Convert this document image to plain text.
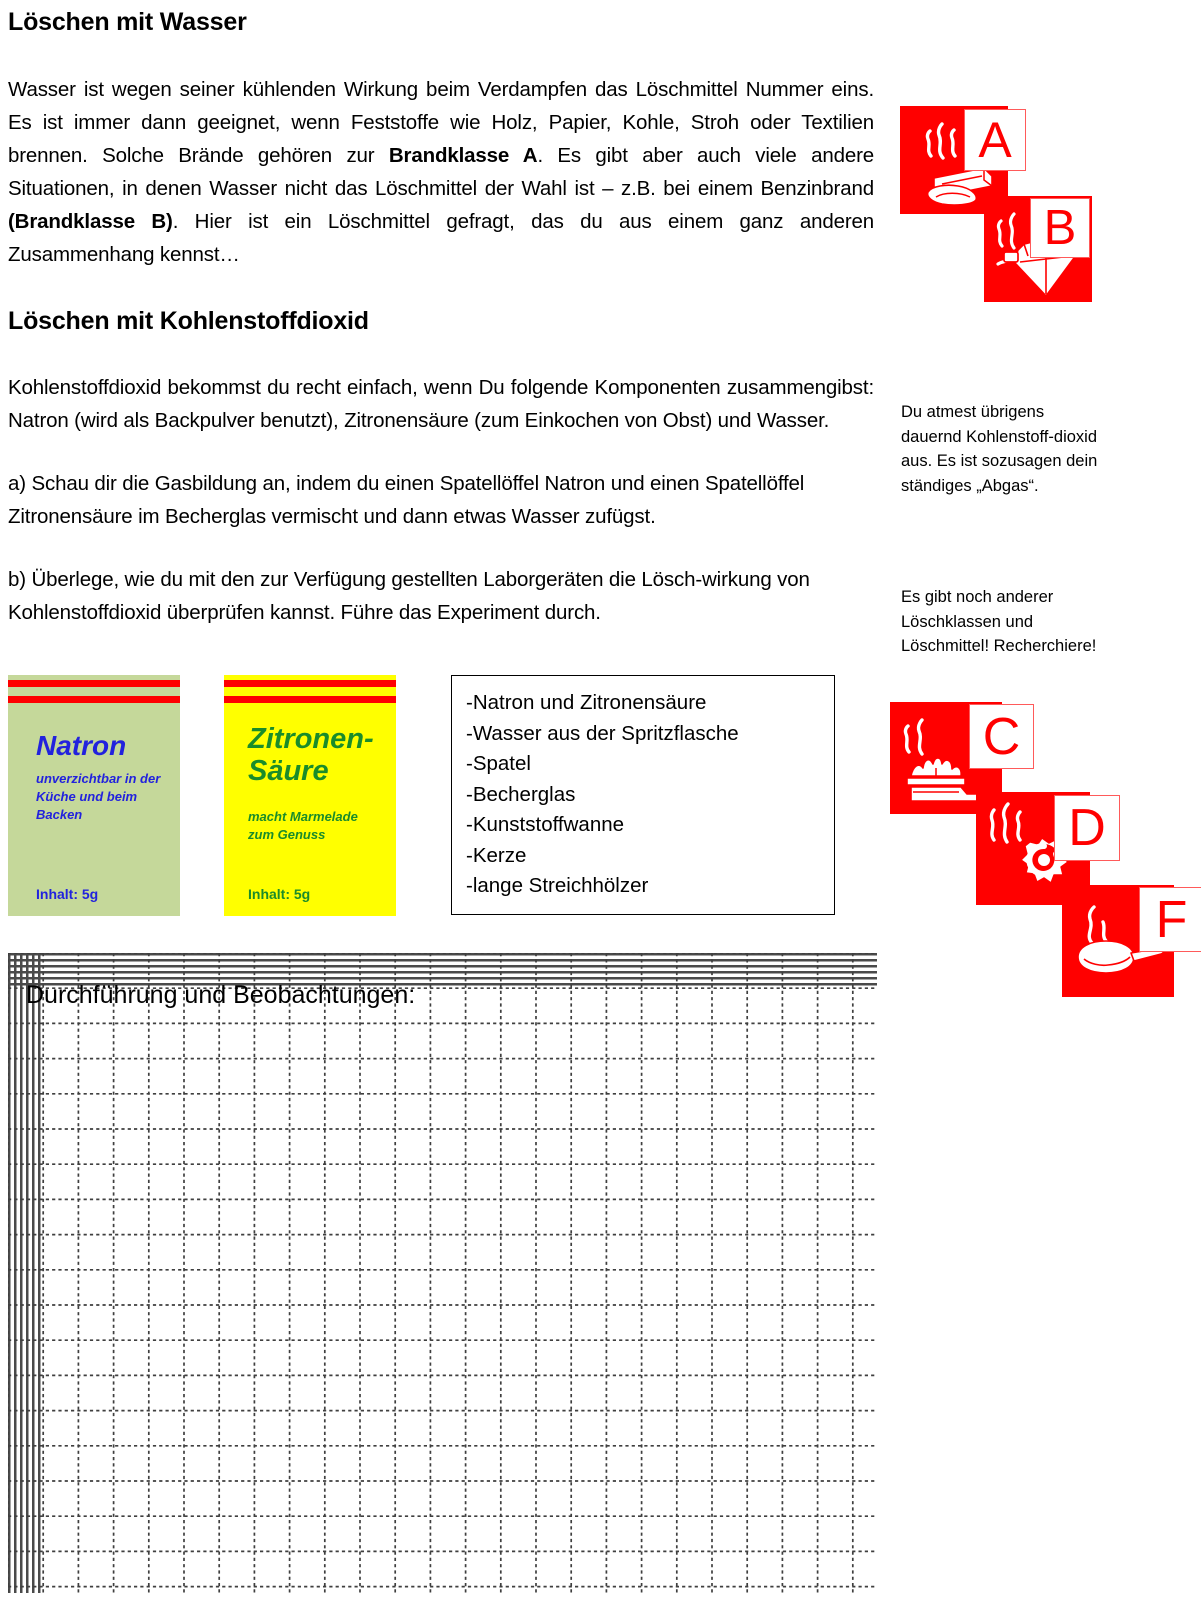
Löschen mit Wasser

Wasser ist wegen seiner kühlenden Wirkung beim Verdampfen das Löschmittel Nummer eins. Es ist immer dann geeignet, wenn Feststoffe wie Holz, Papier, Kohle, Stroh oder Textilien brennen. Solche Brände gehören zur Brandklasse A. Es gibt aber auch viele andere Situationen, in denen Wasser nicht das Löschmittel der Wahl ist – z.B. bei einem Benzinbrand (Brandklasse B). Hier ist ein Löschmittel gefragt, das du aus einem ganz anderen Zusammenhang kennst…

Löschen mit Kohlenstoffdioxid

Kohlenstoffdioxid bekommst du recht einfach, wenn Du folgende Komponenten zusammengibst: Natron (wird als Backpulver benutzt), Zitronensäure (zum Einkochen von Obst) und Wasser.

a) Schau dir die Gasbildung an, indem du einen Spatellöffel Natron und einen Spatellöffel Zitronensäure im Becherglas vermischt und dann etwas Wasser zufügst.

b) Überlege, wie du mit den zur Verfügung gestellten Laborgeräten die Lösch-wirkung von Kohlenstoffdioxid überprüfen kannst. Führe das Experiment durch.

Du atmest übrigens dauernd Kohlenstoff-dioxid aus. Es ist sozusagen dein ständiges „Abgas“.
Es gibt noch anderer Löschklassen und Löschmittel! Recherchiere!
A
B
C
D
F
Natron
unverzichtbar in der Küche und beim Backen
Inhalt: 5g
Zitronen-Säure
macht Marmelade zum Genuss
Inhalt: 5g
-Natron und Zitronensäure
-Wasser aus der Spritzflasche
-Spatel
-Becherglas
-Kunststoffwanne
-Kerze
-lange Streichhölzer
Durchführung und Beobachtungen:
